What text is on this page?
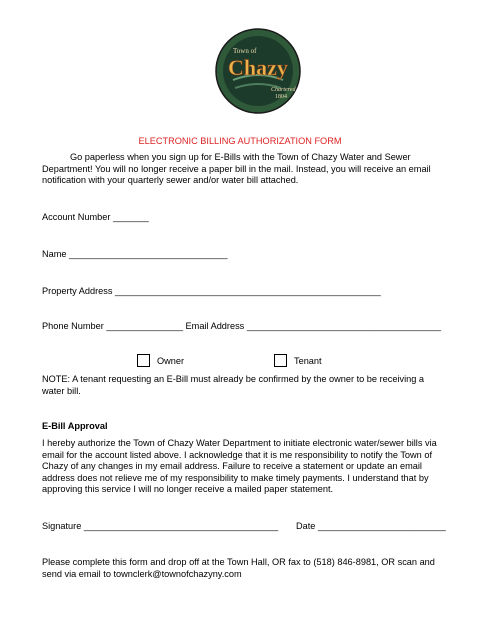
Town of
Chazy
Chartered
1804
ELECTRONIC BILLING AUTHORIZATION FORM
Go paperless when you sign up for E-Bills with the Town of Chazy Water and Sewer Department! You will no longer receive a paper bill in the mail. Instead, you will receive an email notification with your quarterly sewer and/or water bill attached.
Account Number _______
Name _______________________________
Property Address ____________________________________________________
Phone Number _______________ Email Address ______________________________________
Owner	Tenant
NOTE: A tenant requesting an E-Bill must already be confirmed by the owner to be receiving a water bill.
E-Bill Approval
I hereby authorize the Town of Chazy Water Department to initiate electronic water/sewer bills via email for the account listed above. I acknowledge that it is me responsibility to notify the Town of Chazy of any changes in my email address. Failure to receive a statement or update an email address does not relieve me of my responsibility to make timely payments. I understand that by approving this service I will no longer receive a mailed paper statement.
Signature ______________________________________ Date _________________________
Please complete this form and drop off at the Town Hall, OR fax to (518) 846-8981, OR scan and send via email to townclerk@townofchazyny.com
